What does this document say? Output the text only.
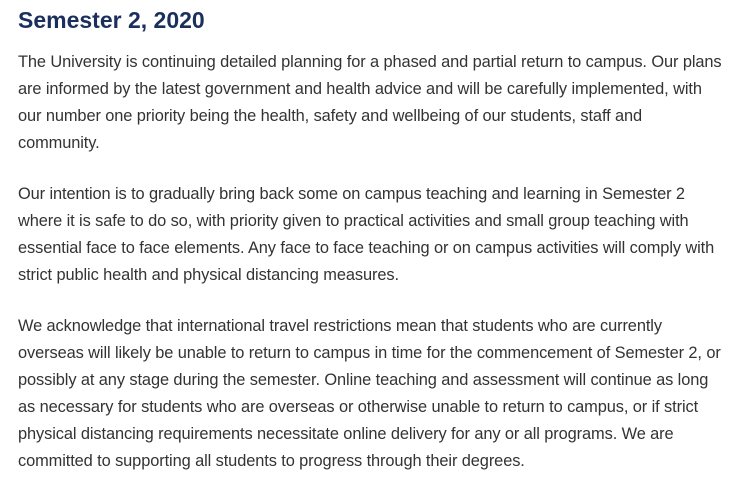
Semester 2, 2020

The University is continuing detailed planning for a phased and partial return to campus. Our plans are informed by the latest government and health advice and will be carefully implemented, with our number one priority being the health, safety and wellbeing of our students, staff and community.

Our intention is to gradually bring back some on campus teaching and learning in Semester 2 where it is safe to do so, with priority given to practical activities and small group teaching with essential face to face elements. Any face to face teaching or on campus activities will comply with strict public health and physical distancing measures.

We acknowledge that international travel restrictions mean that students who are currently overseas will likely be unable to return to campus in time for the commencement of Semester 2, or possibly at any stage during the semester. Online teaching and assessment will continue as long as necessary for students who are overseas or otherwise unable to return to campus, or if strict physical distancing requirements necessitate online delivery for any or all programs. We are committed to supporting all students to progress through their degrees.
